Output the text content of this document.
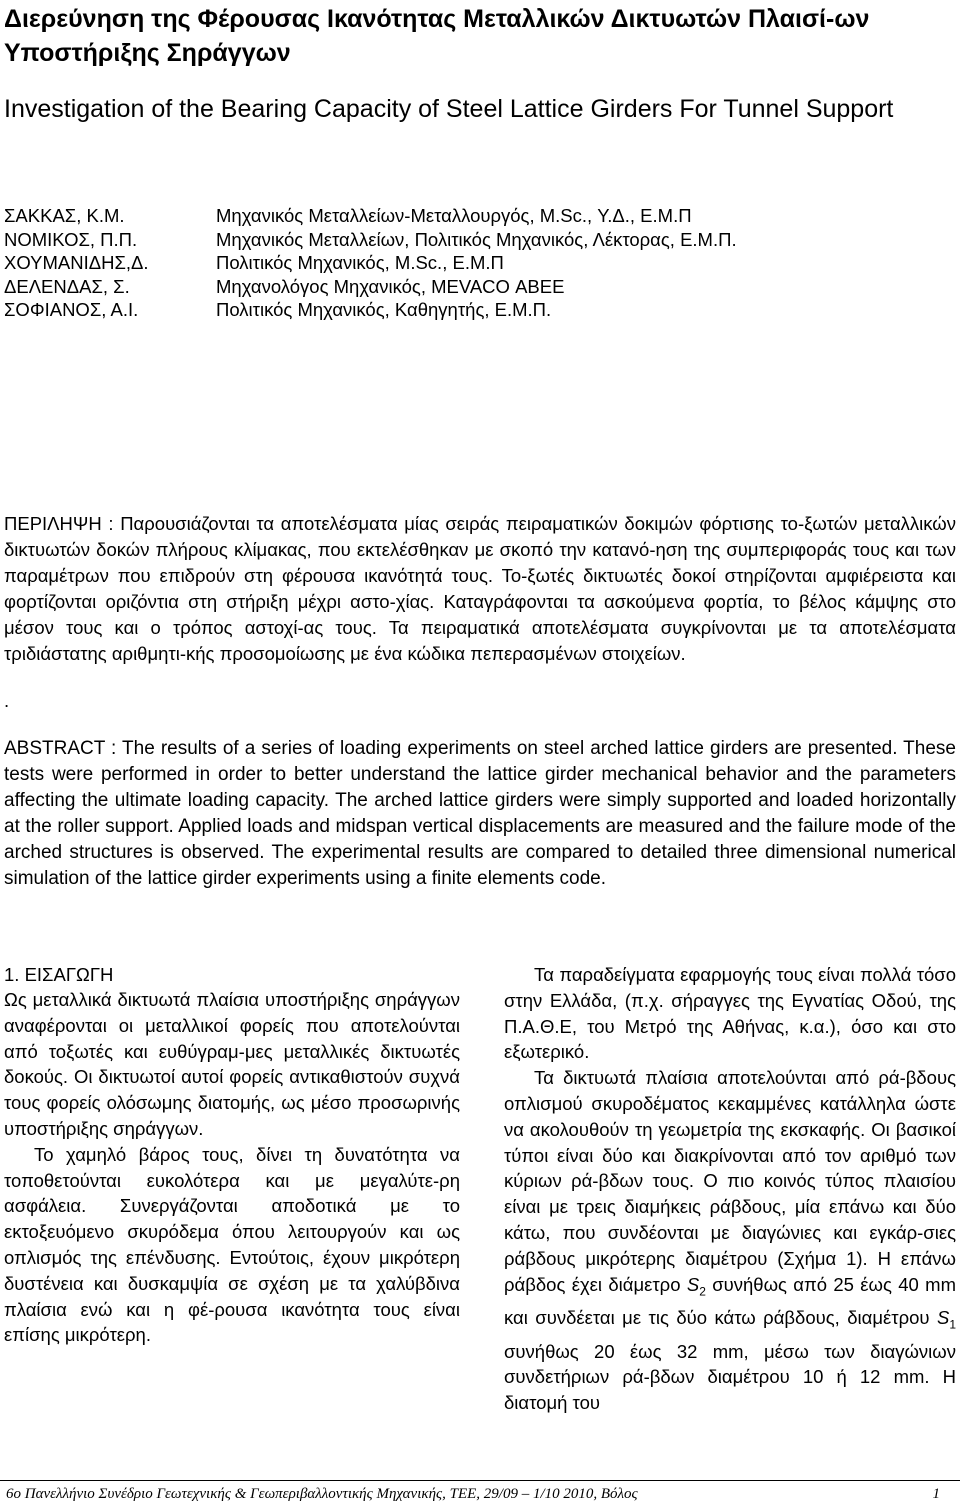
Διερεύνηση της Φέρουσας Ικανότητας Μεταλλικών Δικτυωτών Πλαισί-ων Υποστήριξης Σηράγγων
Investigation of the Bearing Capacity of Steel Lattice Girders For Tunnel Support
ΣΑΚΚΑΣ, Κ.Μ.	Μηχανικός Μεταλλείων-Μεταλλουργός, M.Sc., Υ.Δ., Ε.Μ.Π
ΝΟΜΙΚΟΣ, Π.Π.	Μηχανικός Μεταλλείων, Πολιτικός Μηχανικός, Λέκτορας, Ε.Μ.Π.
ΧΟΥΜΑΝΙΔΗΣ,Δ.	Πολιτικός Μηχανικός, M.Sc., Ε.Μ.Π
ΔΕΛΕΝΔΑΣ, Σ.	Μηχανολόγος Μηχανικός, MEVACO ΑΒΕΕ
ΣΟΦΙΑΝΟΣ, Α.Ι.	Πολιτικός Μηχανικός, Καθηγητής, Ε.Μ.Π.

ΠΕΡΙΛΗΨΗ : Παρουσιάζονται τα αποτελέσματα μίας σειράς πειραματικών δοκιμών φόρτισης το-ξωτών μεταλλικών δικτυωτών δοκών πλήρους κλίμακας, που εκτελέσθηκαν με σκοπό την κατανό-ηση της συμπεριφοράς τους και των παραμέτρων που επιδρούν στη φέρουσα ικανότητά τους. Το-ξωτές δικτυωτές δοκοί στηρίζονται αμφιέρειστα και φορτίζονται οριζόντια στη στήριξη μέχρι αστο-χίας. Καταγράφονται τα ασκούμενα φορτία, το βέλος κάμψης στο μέσον τους και ο τρόπος αστοχί-ας τους. Τα πειραματικά αποτελέσματα συγκρίνονται με τα αποτελέσματα τριδιάστατης αριθμητι-κής προσομοίωσης με ένα κώδικα πεπερασμένων στοιχείων.

.

ABSTRACT : The results of a series of loading experiments on steel arched lattice girders are presented. These tests were performed in order to better understand the lattice girder mechanical behavior and the parameters affecting the ultimate loading capacity. The arched lattice girders were simply supported and loaded horizontally at the roller support. Applied loads and midspan vertical displacements are measured and the failure mode of the arched structures is observed. The experimental results are compared to detailed three dimensional numerical simulation of the lattice girder experiments using a finite elements code.

1. ΕΙΣΑΓΩΓΗ

Ως μεταλλικά δικτυωτά πλαίσια υποστήριξης σηράγγων αναφέρονται οι μεταλλικοί φορείς που αποτελούνται από τοξωτές και ευθύγραμ-μες μεταλλικές δικτυωτές δοκούς. Οι δικτυωτοί αυτοί φορείς αντικαθιστούν συχνά τους φορείς ολόσωμης διατομής, ως μέσο προσωρινής υποστήριξης σηράγγων.

Το χαμηλό βάρος τους, δίνει τη δυνατότητα να τοποθετούνται ευκολότερα και με μεγαλύτε-ρη ασφάλεια. Συνεργάζονται αποδοτικά με το εκτοξευόμενο σκυρόδεμα όπου λειτουργούν και ως οπλισμός της επένδυσης. Εντούτοις, έχουν μικρότερη δυστένεια και δυσκαμψία σε σχέση με τα χαλύβδινα πλαίσια ενώ και η φέ-ρουσα ικανότητα τους είναι επίσης μικρότερη.

Τα παραδείγματα εφαρμογής τους είναι πολλά τόσο στην Ελλάδα, (π.χ. σήραγγες της Εγνατίας Οδού, της Π.Α.Θ.Ε, του Μετρό της Αθήνας, κ.α.), όσο και στο εξωτερικό.

Τα δικτυωτά πλαίσια αποτελούνται από ρά-βδους οπλισμού σκυροδέματος κεκαμμένες κατάλληλα ώστε να ακολουθούν τη γεωμετρία της εκσκαφής. Οι βασικοί τύποι είναι δύο και διακρίνονται από τον αριθμό των κύριων ρά-βδων τους. Ο πιο κοινός τύπος πλαισίου είναι με τρεις διαμήκεις ράβδους, μία επάνω και δύο κάτω, που συνδέονται με διαγώνιες και εγκάρ-σιες ράβδους μικρότερης διαμέτρου (Σχήμα 1). Η επάνω ράβδος έχει διάμετρο $S_2$ συνήθως από 25 έως 40 mm και συνδέεται με τις δύο κάτω ράβδους, διαμέτρου $S_1$ συνήθως 20 έως 32 mm, μέσω των διαγώνιων συνδετήριων ρά-βδων διαμέτρου 10 ή 12 mm. Η διατομή του

6ο Πανελλήνιο Συνέδριο Γεωτεχνικής & Γεωπεριβαλλοντικής Μηχανικής, ΤΕΕ, 29/09 – 1/10 2010, Βόλος	1
